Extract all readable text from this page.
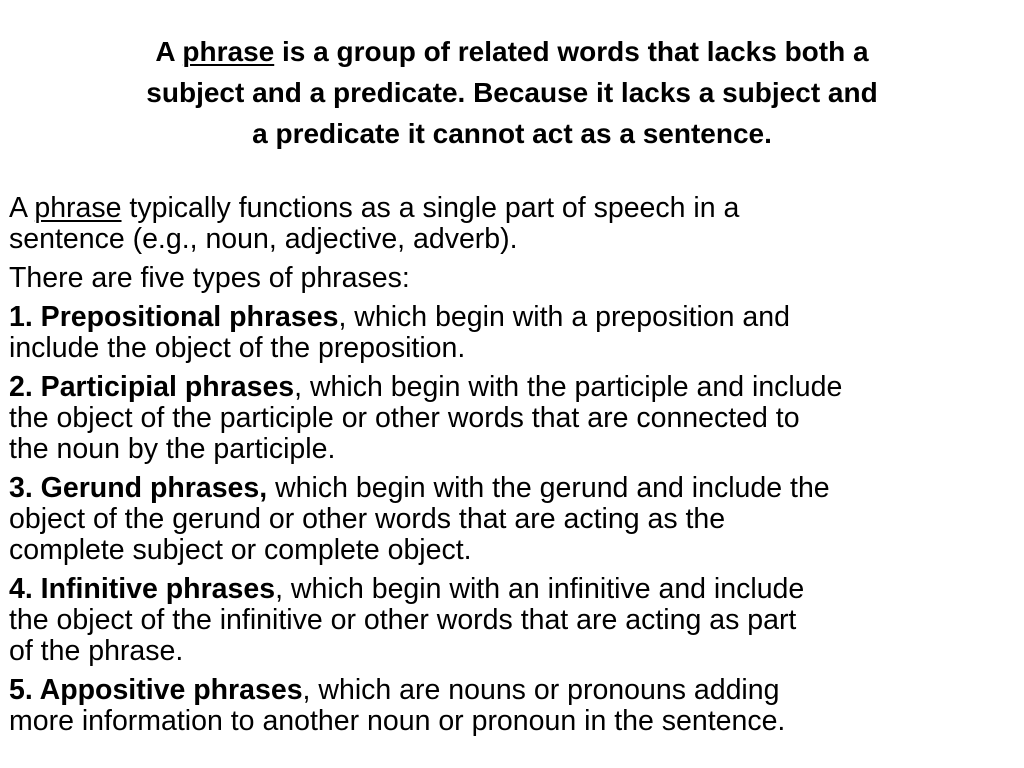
A phrase is a group of related words that lacks both a
subject and a predicate. Because it lacks a subject and
a predicate it cannot act as a sentence.
A phrase typically functions as a single part of speech in a
sentence (e.g., noun, adjective, adverb).
There are five types of phrases:
1. Prepositional phrases, which begin with a preposition and
include the object of the preposition.
2. Participial phrases, which begin with the participle and include
the object of the participle or other words that are connected to
the noun by the participle.
3. Gerund phrases, which begin with the gerund and include the
object of the gerund or other words that are acting as the
complete subject or complete object.
4. Infinitive phrases, which begin with an infinitive and include
the object of the infinitive or other words that are acting as part
of the phrase.
5. Appositive phrases, which are nouns or pronouns adding
more information to another noun or pronoun in the sentence.
